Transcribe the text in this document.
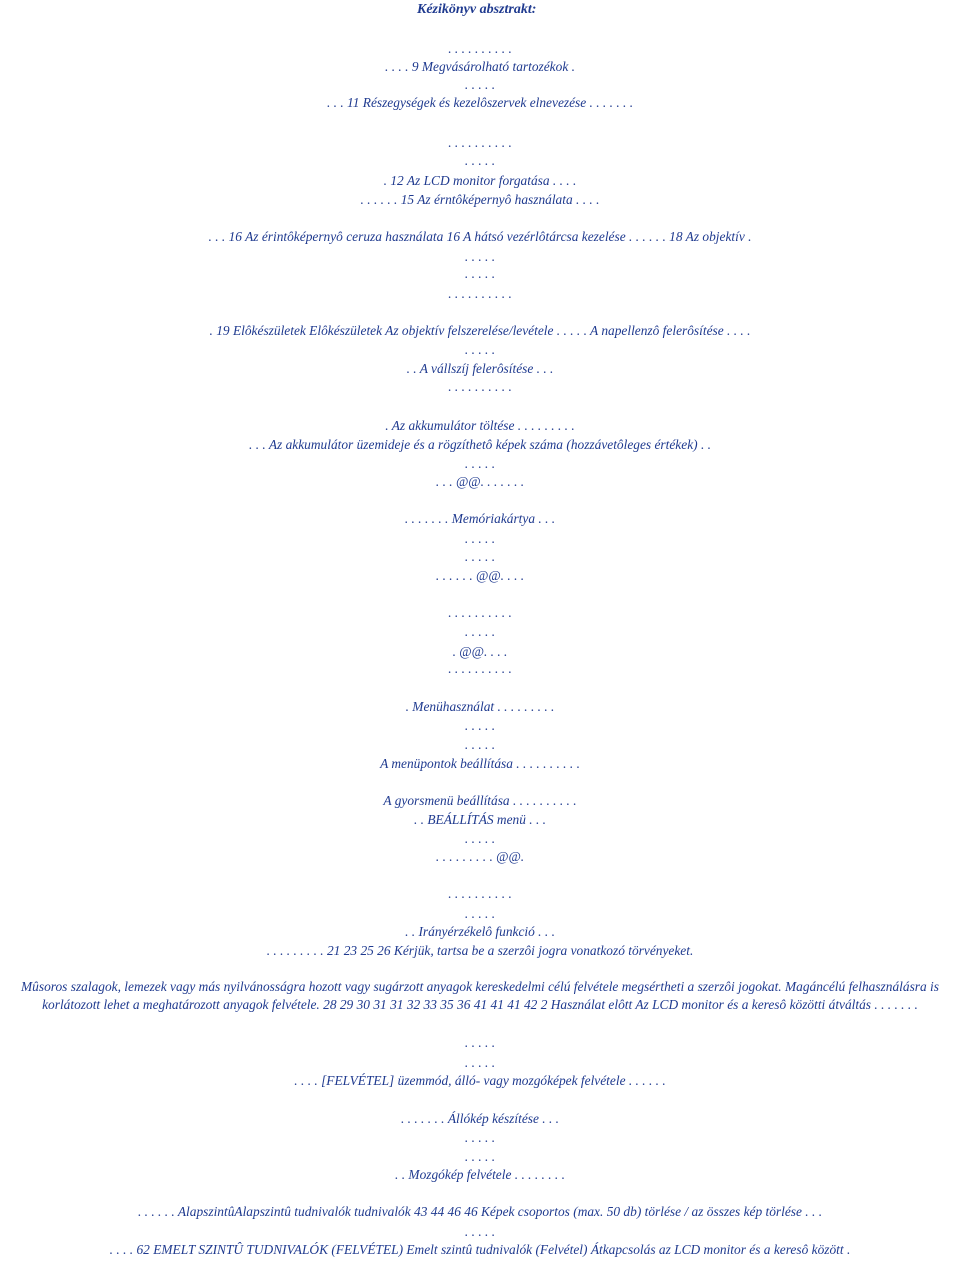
Kézikönyv absztrakt:
. . . . . . . . . .
. . . . 9 Megvásárolható tartozékok .
. . . . .
. . . 11 Részegységek és kezelôszervek elnevezése . . . . . . .
. . . . . . . . . .
. . . . .
. 12 Az LCD monitor forgatása . . . .
. . . . . . 15 Az érntôképernyô használata . . . .
. . . 16 Az érintôképernyô ceruza használata 16 A hátsó vezérlôtárcsa kezelése . . . . . . 18 Az objektív .
. . . . .
. . . . .
. . . . . . . . . .
. 19 Elôkészületek Elôkészületek Az objektív felszerelése/levétele . . . . . A napellenzô felerôsítése . . . .
. . . . .
. . A vállszíj felerôsítése . . .
. . . . . . . . . .
. Az akkumulátor töltése . . . . . . . . .
. . . Az akkumulátor üzemideje és a rögzíthetô képek száma (hozzávetôleges értékek) . .
. . . . .
. . . @@. . . . . . .
. . . . . . . Memóriakártya . . .
. . . . .
. . . . .
. . . . . . @@. . . .
. . . . . . . . . .
. . . . .
. @@. . . .
. . . . . . . . . .
. Menühasználat . . . . . . . . .
. . . . .
. . . . .
A menüpontok beállítása . . . . . . . . . .
A gyorsmenü beállítása . . . . . . . . . .
. . BEÁLLÍTÁS menü . . .
. . . . .
. . . . . . . . . @@.
. . . . . . . . . .
. . . . .
. . Irányérzékelô funkció . . .
. . . . . . . . . 21 23 25 26 Kérjük, tartsa be a szerzôi jogra vonatkozó törvényeket.
Mûsoros szalagok, lemezek vagy más nyilvánosságra hozott vagy sugárzott anyagok kereskedelmi célú felvétele megsértheti a szerzôi jogokat. Magáncélú felhasználásra is korlátozott lehet a meghatározott anyagok felvétele. 28 29 30 31 31 32 33 35 36 41 41 41 42 2 Használat elôtt Az LCD monitor és a keresô közötti átváltás . . . . . . .
. . . . .
. . . . .
. . . . [FELVÉTEL] üzemmód, álló- vagy mozgóképek felvétele . . . . . .
. . . . . . . Állókép készítése . . .
. . . . .
. . . . .
. . Mozgókép felvétele . . . . . . . .
. . . . . . AlapszintûAlapszintû tudnivalók tudnivalók 43 44 46 46 Képek csoportos (max. 50 db) törlése / az összes kép törlése . . .
. . . . .
. . . . 62 EMELT SZINTÛ TUDNIVALÓK (FELVÉTEL) Emelt szintû tudnivalók (Felvétel) Átkapcsolás az LCD monitor és a keresô között .
